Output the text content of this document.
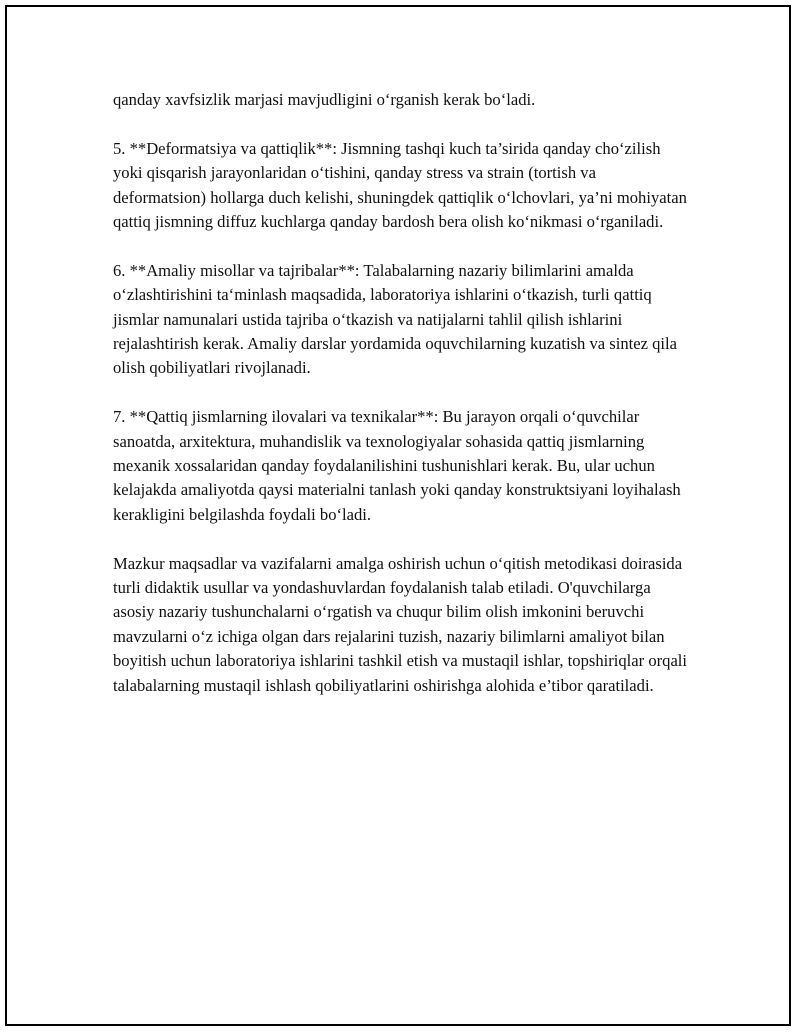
qanday xavfsizlik marjasi mavjudligini o‘rganish kerak bo‘ladi.

5. **Deformatsiya va qattiqlik**: Jismning tashqi kuch ta’sirida qanday cho‘zilish yoki qisqarish jarayonlaridan o‘tishini, qanday stress va strain (tortish va deformatsion) hollarga duch kelishi, shuningdek qattiqlik o‘lchovlari, ya’ni mohiyatan qattiq jismning diffuz kuchlarga qanday bardosh bera olish ko‘nikmasi o‘rganiladi.

6. **Amaliy misollar va tajribalar**: Talabalarning nazariy bilimlarini amalda o‘zlashtirishini ta‘minlash maqsadida, laboratoriya ishlarini o‘tkazish, turli qattiq jismlar namunalari ustida tajriba o‘tkazish va natijalarni tahlil qilish ishlarini rejalashtirish kerak. Amaliy darslar yordamida oquvchilarning kuzatish va sintez qila olish qobiliyatlari rivojlanadi.

7. **Qattiq jismlarning ilovalari va texnikalar**: Bu jarayon orqali o‘quvchilar sanoatda, arxitektura, muhandislik va texnologiyalar sohasida qattiq jismlarning mexanik xossalaridan qanday foydalanilishini tushunishlari kerak. Bu, ular uchun kelajakda amaliyotda qaysi materialni tanlash yoki qanday konstruktsiyani loyihalash kerakligini belgilashda foydali bo‘ladi.

Mazkur maqsadlar va vazifalarni amalga oshirish uchun o‘qitish metodikasi doirasida turli didaktik usullar va yondashuvlardan foydalanish talab etiladi. O'quvchilarga asosiy nazariy tushunchalarni o‘rgatish va chuqur bilim olish imkonini beruvchi mavzularni o‘z ichiga olgan dars rejalarini tuzish, nazariy bilimlarni amaliyot bilan boyitish uchun laboratoriya ishlarini tashkil etish va mustaqil ishlar, topshiriqlar orqali talabalarning mustaqil ishlash qobiliyatlarini oshirishga alohida e’tibor qaratiladi.
